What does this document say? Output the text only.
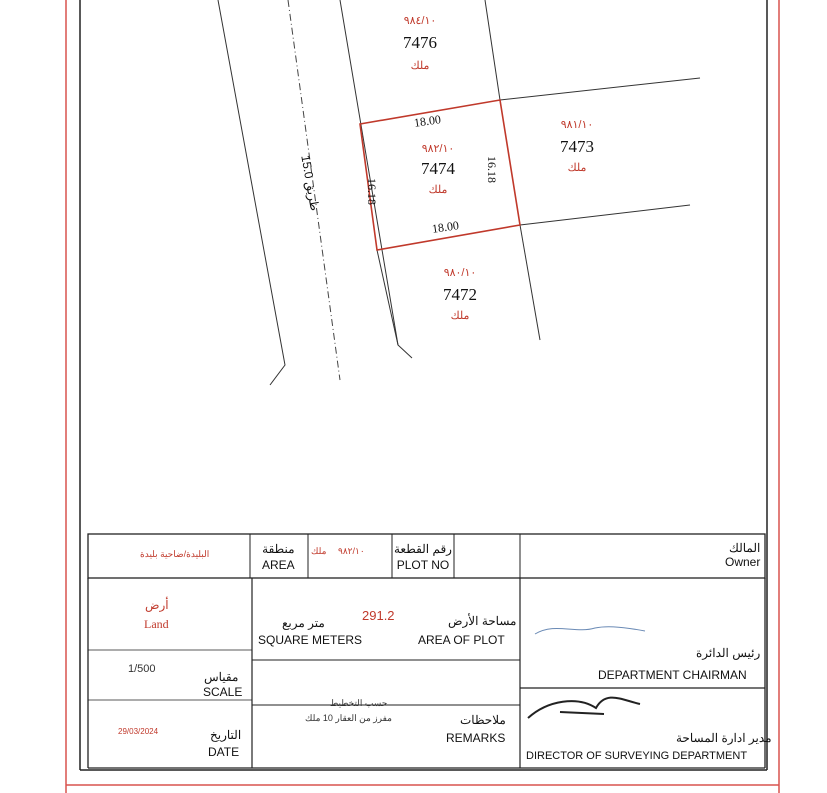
٩٨٤/١٠
7476
ملك
٩٨١/١٠
7473
ملك
٩٨٢/١٠
7474
ملك
٩٨٠/١٠
7472
ملك
18.00
18.00
16.18
16.18
طريق 15.0
المالك
Owner
رقم القطعة
PLOT NO
٩٨٢/١٠
ملك
منطقة
AREA
البليدة/ضاحية بليدة
أرض
Land
291.2
متر مربع
SQUARE METERS
مساحة الأرض
AREA OF PLOT
1/500
مقياس
SCALE
29/03/2024	التاريخ
DATE
حسب التخطيط
مفرز من العقار 10 ملك	ملاحظات
REMARKS
رئيس الدائرة
DEPARTMENT CHAIRMAN
مدير ادارة المساحة
DIRECTOR OF SURVEYING DEPARTMENT
